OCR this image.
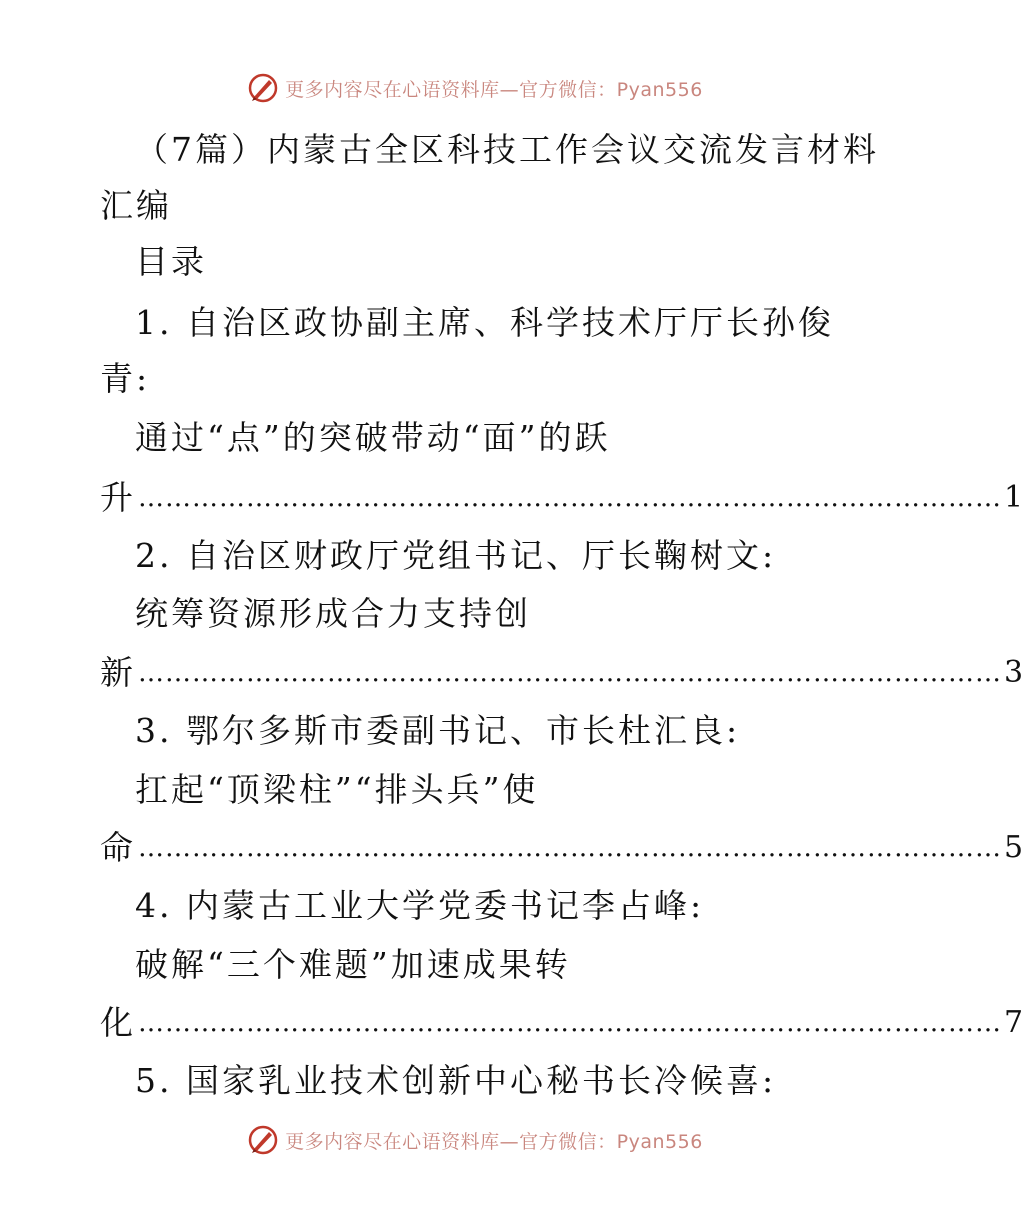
更多内容尽在心语资料库—官方微信：Pyan556
（7篇）内蒙古全区科技工作会议交流发言材料
汇编
目录
1. 自治区政协副主席、科学技术厅厅长孙俊
青:
通过“点”的突破带动“面”的跃
升 …………………………………………………………………………………… 1
2. 自治区财政厅党组书记、厅长鞠树文:
统筹资源形成合力支持创
新 …………………………………………………………………………………… 3
3. 鄂尔多斯市委副书记、市长杜汇良:
扛起“顶梁柱”“排头兵”使
命 …………………………………………………………………………………… 5
4. 内蒙古工业大学党委书记李占峰:
破解“三个难题”加速成果转
化 …………………………………………………………………………………… 7
5. 国家乳业技术创新中心秘书长冷候喜:
更多内容尽在心语资料库—官方微信：Pyan556
